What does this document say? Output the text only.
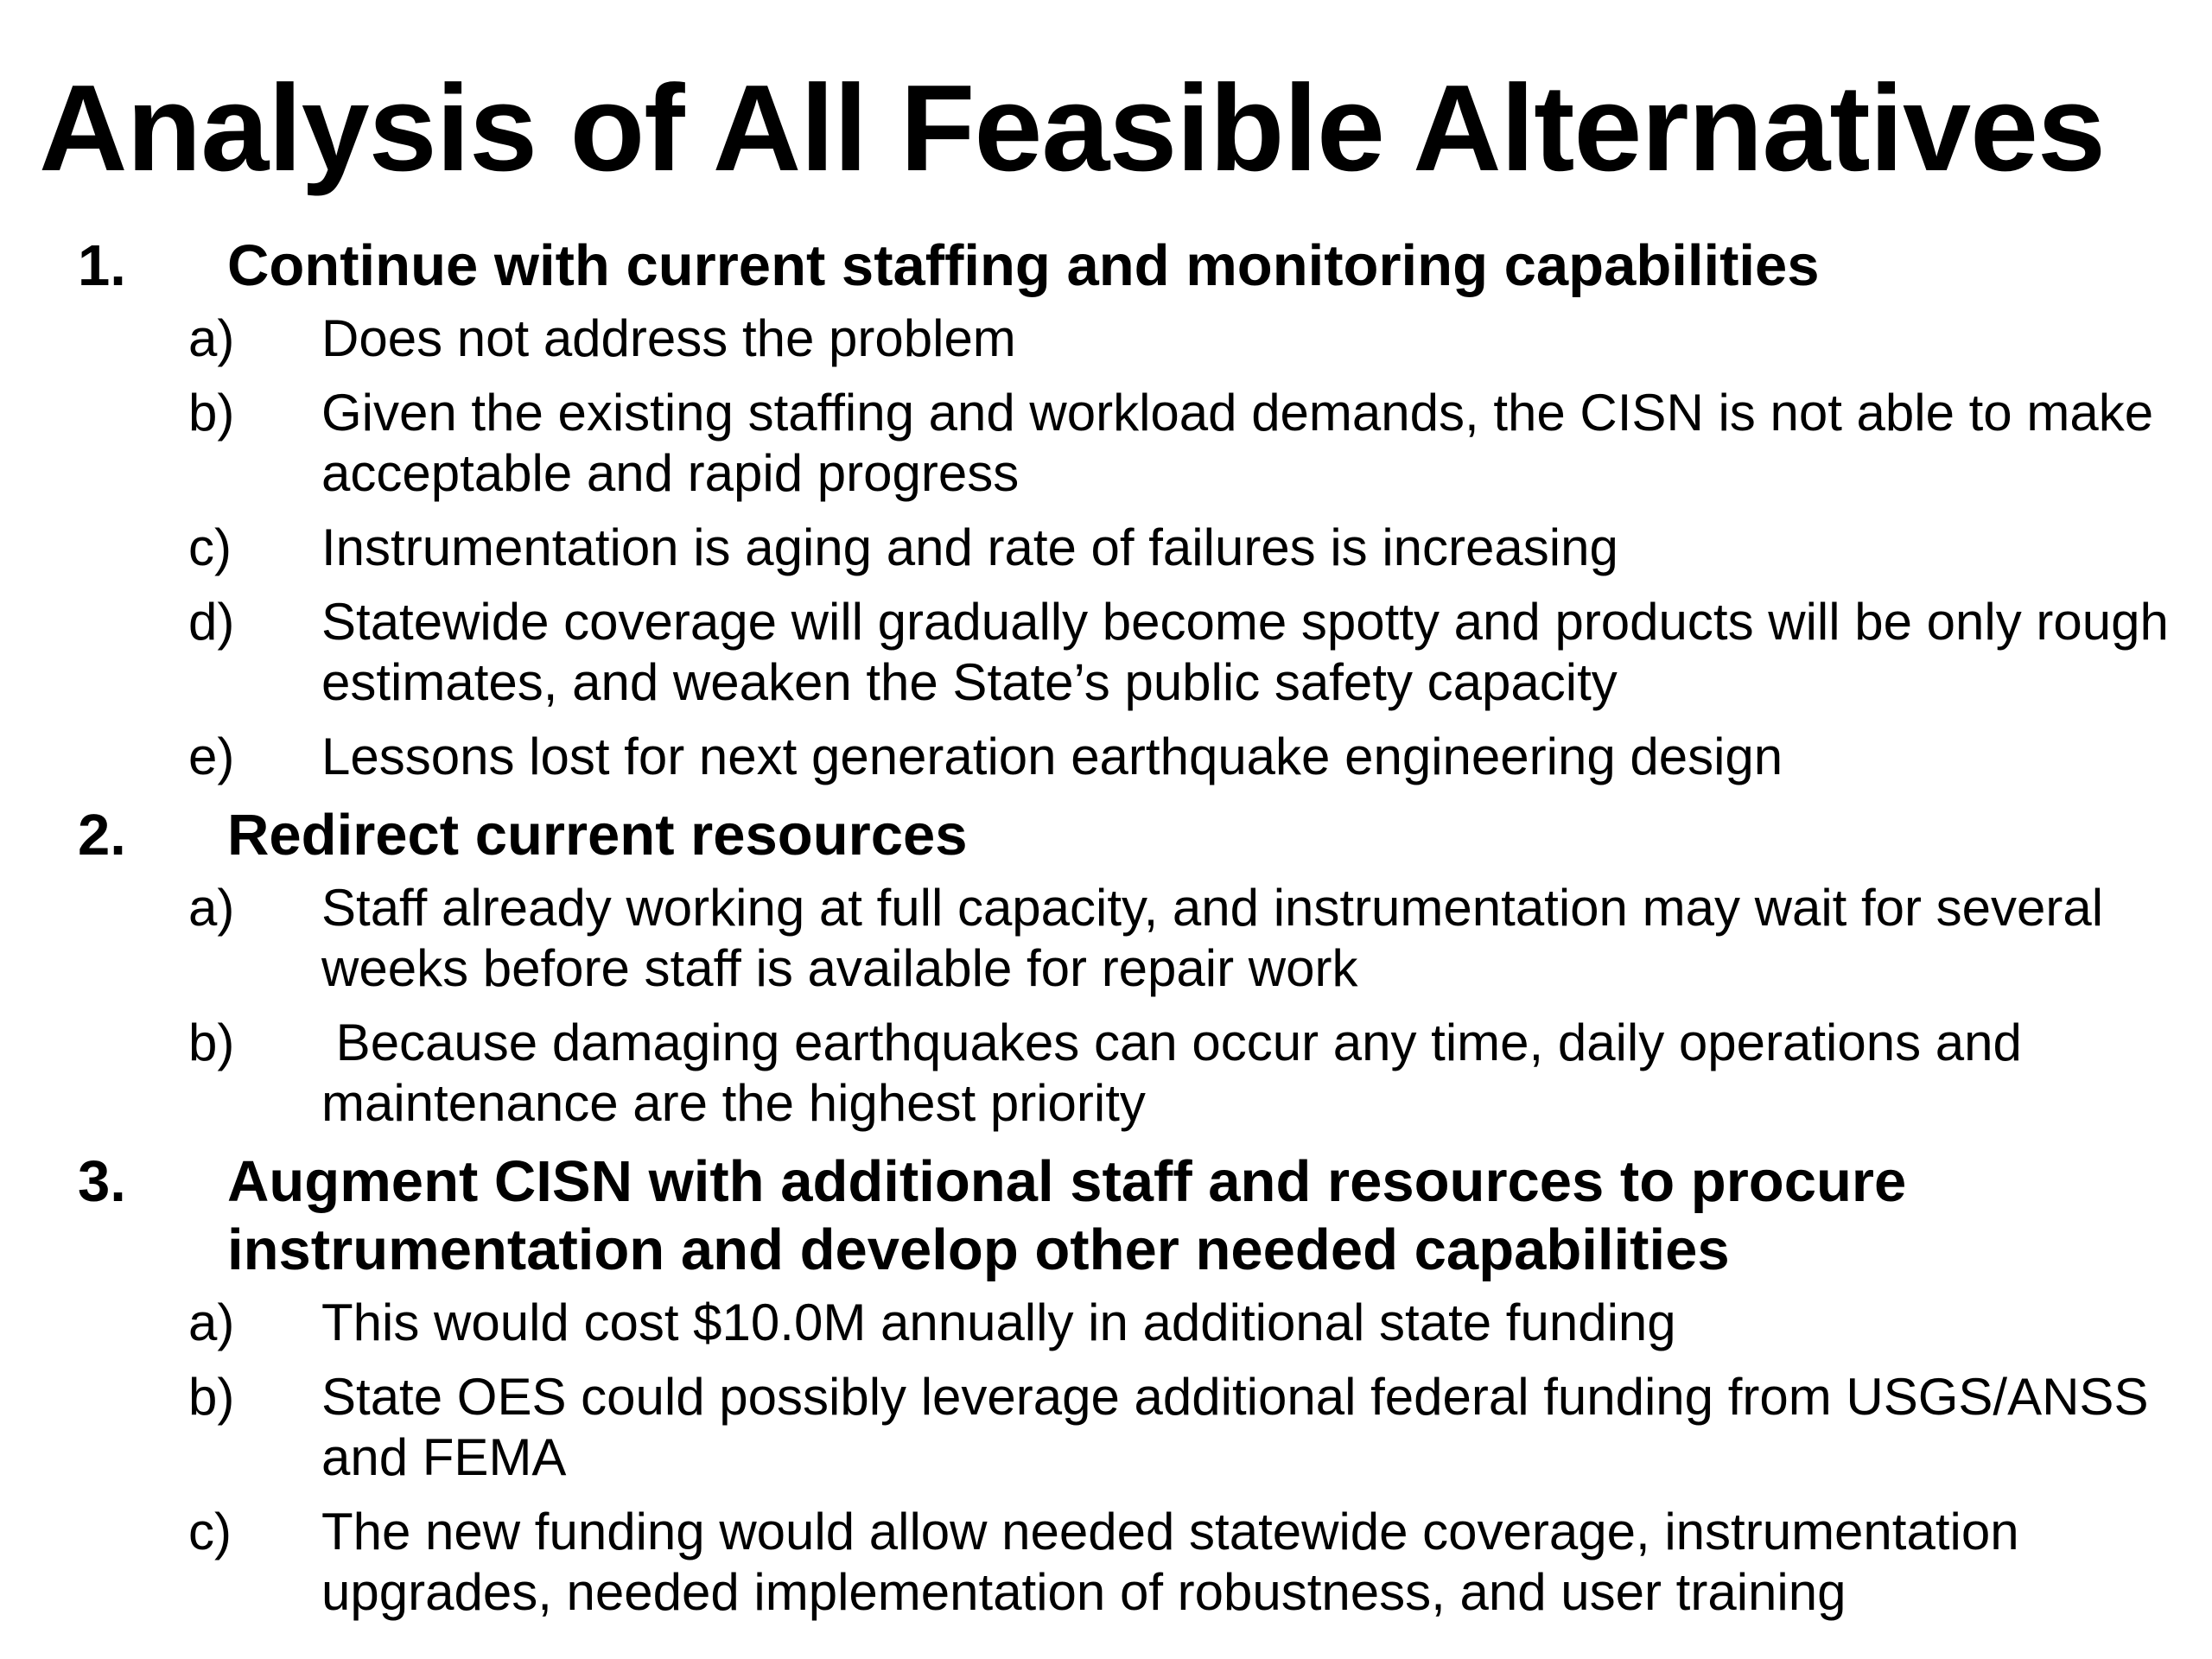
Analysis of All Feasible Alternatives
1.	Continue with current staffing and monitoring capabilities
a)	Does not address the problem
b)	Given the existing staffing and workload demands, the CISN is not able to make acceptable and rapid progress
c)	Instrumentation is aging and rate of failures is increasing
d)	Statewide coverage will gradually become spotty and products will be only rough estimates, and weaken the State’s public safety capacity
e)	Lessons lost for next generation earthquake engineering design
2.	Redirect current resources
a)	Staff already working at full capacity, and instrumentation may wait for several weeks before staff is available for repair work
b)	Because damaging earthquakes can occur any time, daily operations and maintenance are the highest priority
3.	Augment CISN with additional staff and resources to procure instrumentation and develop other needed capabilities
a)	This would cost $10.0M annually in additional state funding
b)	State OES could possibly leverage additional federal funding from USGS/ANSS and FEMA
c)	The new funding would allow needed statewide coverage, instrumentation upgrades, needed implementation of robustness, and user training
